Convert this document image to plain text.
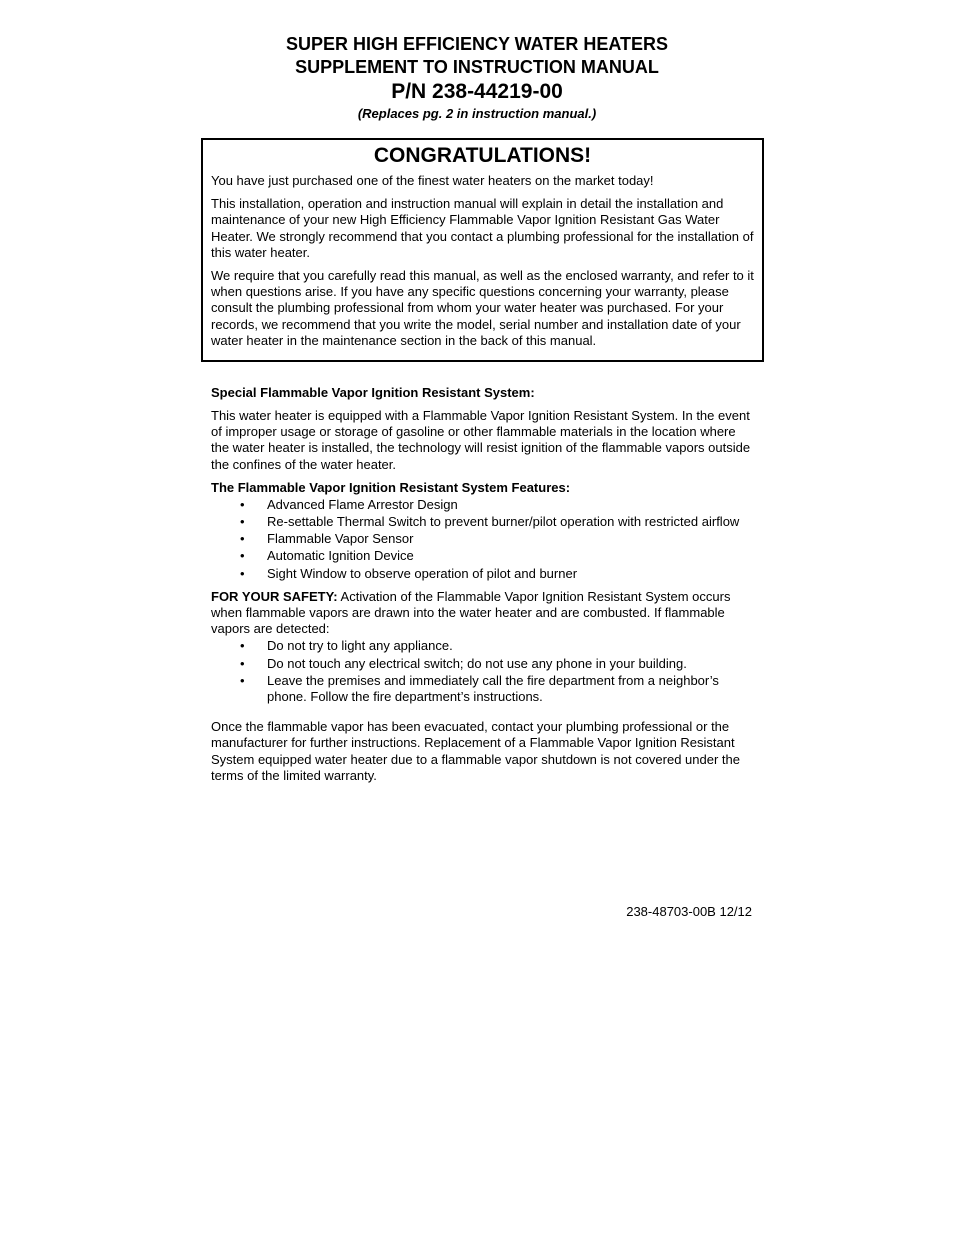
SUPER HIGH EFFICIENCY WATER HEATERS
SUPPLEMENT TO INSTRUCTION MANUAL
P/N 238-44219-00
(Replaces pg. 2 in instruction manual.)
CONGRATULATIONS!

You have just purchased one of the finest water heaters on the market today!

This installation, operation and instruction manual will explain in detail the installation and maintenance of your new High Efficiency Flammable Vapor Ignition Resistant Gas Water Heater. We strongly recommend that you contact a plumbing professional for the installation of this water heater.

We require that you carefully read this manual, as well as the enclosed warranty, and refer to it when questions arise. If you have any specific questions concerning your warranty, please consult the plumbing professional from whom your water heater was purchased. For your records, we recommend that you write the model, serial number and installation date of your water heater in the maintenance section in the back of this manual.

Special Flammable Vapor Ignition Resistant System:

This water heater is equipped with a Flammable Vapor Ignition Resistant System. In the event of improper usage or storage of gasoline or other flammable materials in the location where the water heater is installed, the technology will resist ignition of the flammable vapors outside the confines of the water heater.

The Flammable Vapor Ignition Resistant System Features:
• Advanced Flame Arrestor Design
• Re-settable Thermal Switch to prevent burner/pilot operation with restricted airflow
• Flammable Vapor Sensor
• Automatic Ignition Device
• Sight Window to observe operation of pilot and burner

FOR YOUR SAFETY: Activation of the Flammable Vapor Ignition Resistant System occurs when flammable vapors are drawn into the water heater and are combusted. If flammable vapors are detected:

• Do not try to light any appliance.
• Do not touch any electrical switch; do not use any phone in your building.
• Leave the premises and immediately call the fire department from a neighbor’s phone. Follow the fire department’s instructions.

Once the flammable vapor has been evacuated, contact your plumbing professional or the manufacturer for further instructions. Replacement of a Flammable Vapor Ignition Resistant System equipped water heater due to a flammable vapor shutdown is not covered under the terms of the limited warranty.

238-48703-00B 12/12
